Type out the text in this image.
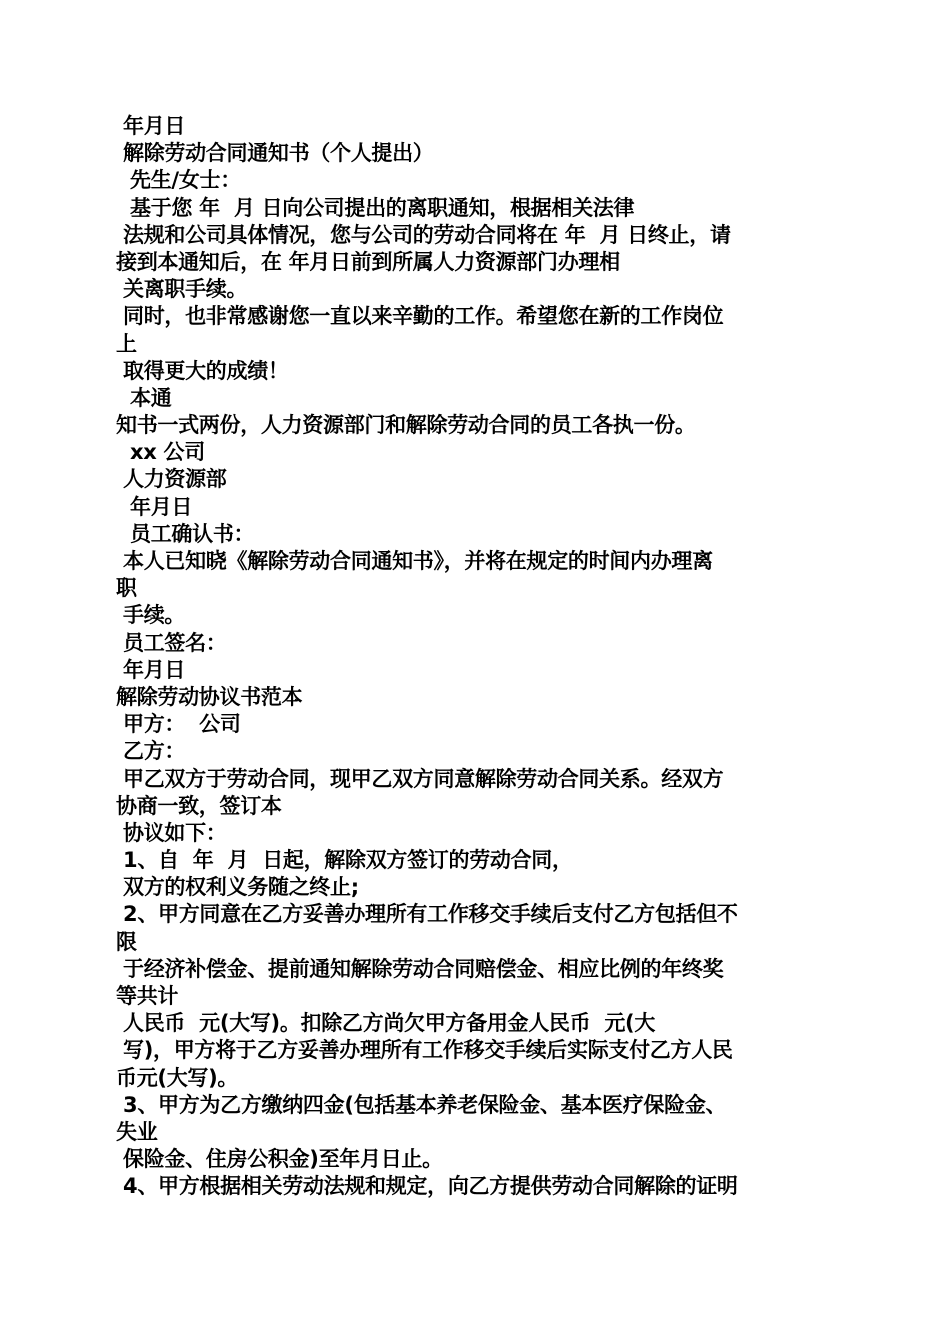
年月日
解除劳动合同通知书（个人提出）
先生/女士：
基于您 年  月 日向公司提出的离职通知，根据相关法律
法规和公司具体情况，您与公司的劳动合同将在 年  月 日终止，请
接到本通知后，在 年月日前到所属人力资源部门办理相
关离职手续。
同时，也非常感谢您一直以来辛勤的工作。希望您在新的工作岗位
上
取得更大的成绩！
本通
知书一式两份，人力资源部门和解除劳动合同的员工各执一份。
xx 公司
人力资源部
年月日
员工确认书：
本人已知晓《解除劳动合同通知书》，并将在规定的时间内办理离
职
手续。
员工签名：
年月日
解除劳动协议书范本
甲方：  公司
乙方：
甲乙双方于劳动合同，现甲乙双方同意解除劳动合同关系。经双方
协商一致，签订本
协议如下：
1、自  年  月  日起，解除双方签订的劳动合同，
双方的权利义务随之终止;
2、甲方同意在乙方妥善办理所有工作移交手续后支付乙方包括但不
限
于经济补偿金、提前通知解除劳动合同赔偿金、相应比例的年终奖
等共计
人民币  元(大写)。扣除乙方尚欠甲方备用金人民币  元(大
写)，甲方将于乙方妥善办理所有工作移交手续后实际支付乙方人民
币元(大写)。
3、甲方为乙方缴纳四金(包括基本养老保险金、基本医疗保险金、
失业
保险金、住房公积金)至年月日止。
4、甲方根据相关劳动法规和规定，向乙方提供劳动合同解除的证明
